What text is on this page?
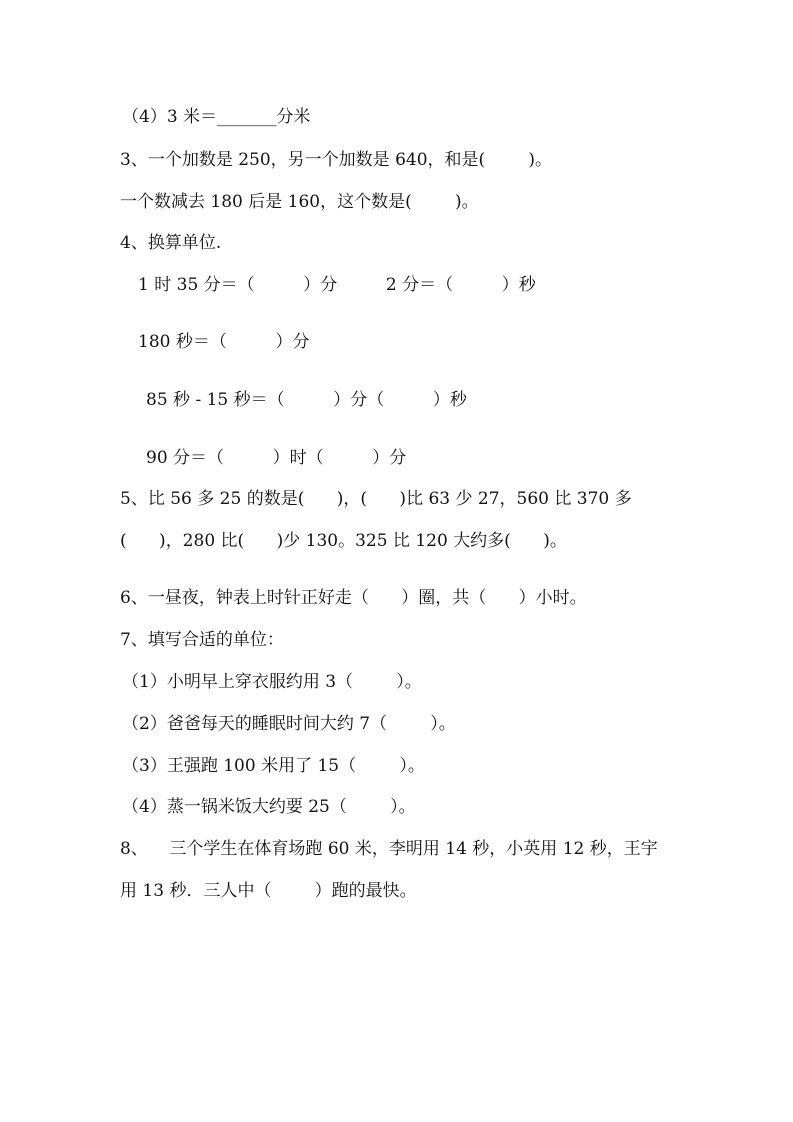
（4）3 米＝_______分米
3、一个加数是 250，另一个加数是 640，和是(        )。
一个数减去 180 后是 160，这个数是(        )。
4、换算单位.
1 时 35 分＝（         ）分         2 分＝（         ）秒
180 秒＝（         ）分
85 秒 - 15 秒＝（         ）分（         ）秒
90 分＝（         ）时（         ）分
5、比 56 多 25 的数是(      )，(      )比 63 少 27，560 比 370 多
(      )，280 比(      )少 130。325 比 120 大约多(      )。
6、一昼夜，钟表上时针正好走（      ）圈，共（      ）小时。
7、填写合适的单位：
（1）小明早上穿衣服约用 3（        ）。
（2）爸爸每天的睡眠时间大约 7（        ）。
（3）王强跑 100 米用了 15（        ）。
（4）蒸一锅米饭大约要 25（        ）。
8、    三个学生在体育场跑 60 米，李明用 14 秒，小英用 12 秒，王宇
用 13 秒．三人中（        ）跑的最快。
